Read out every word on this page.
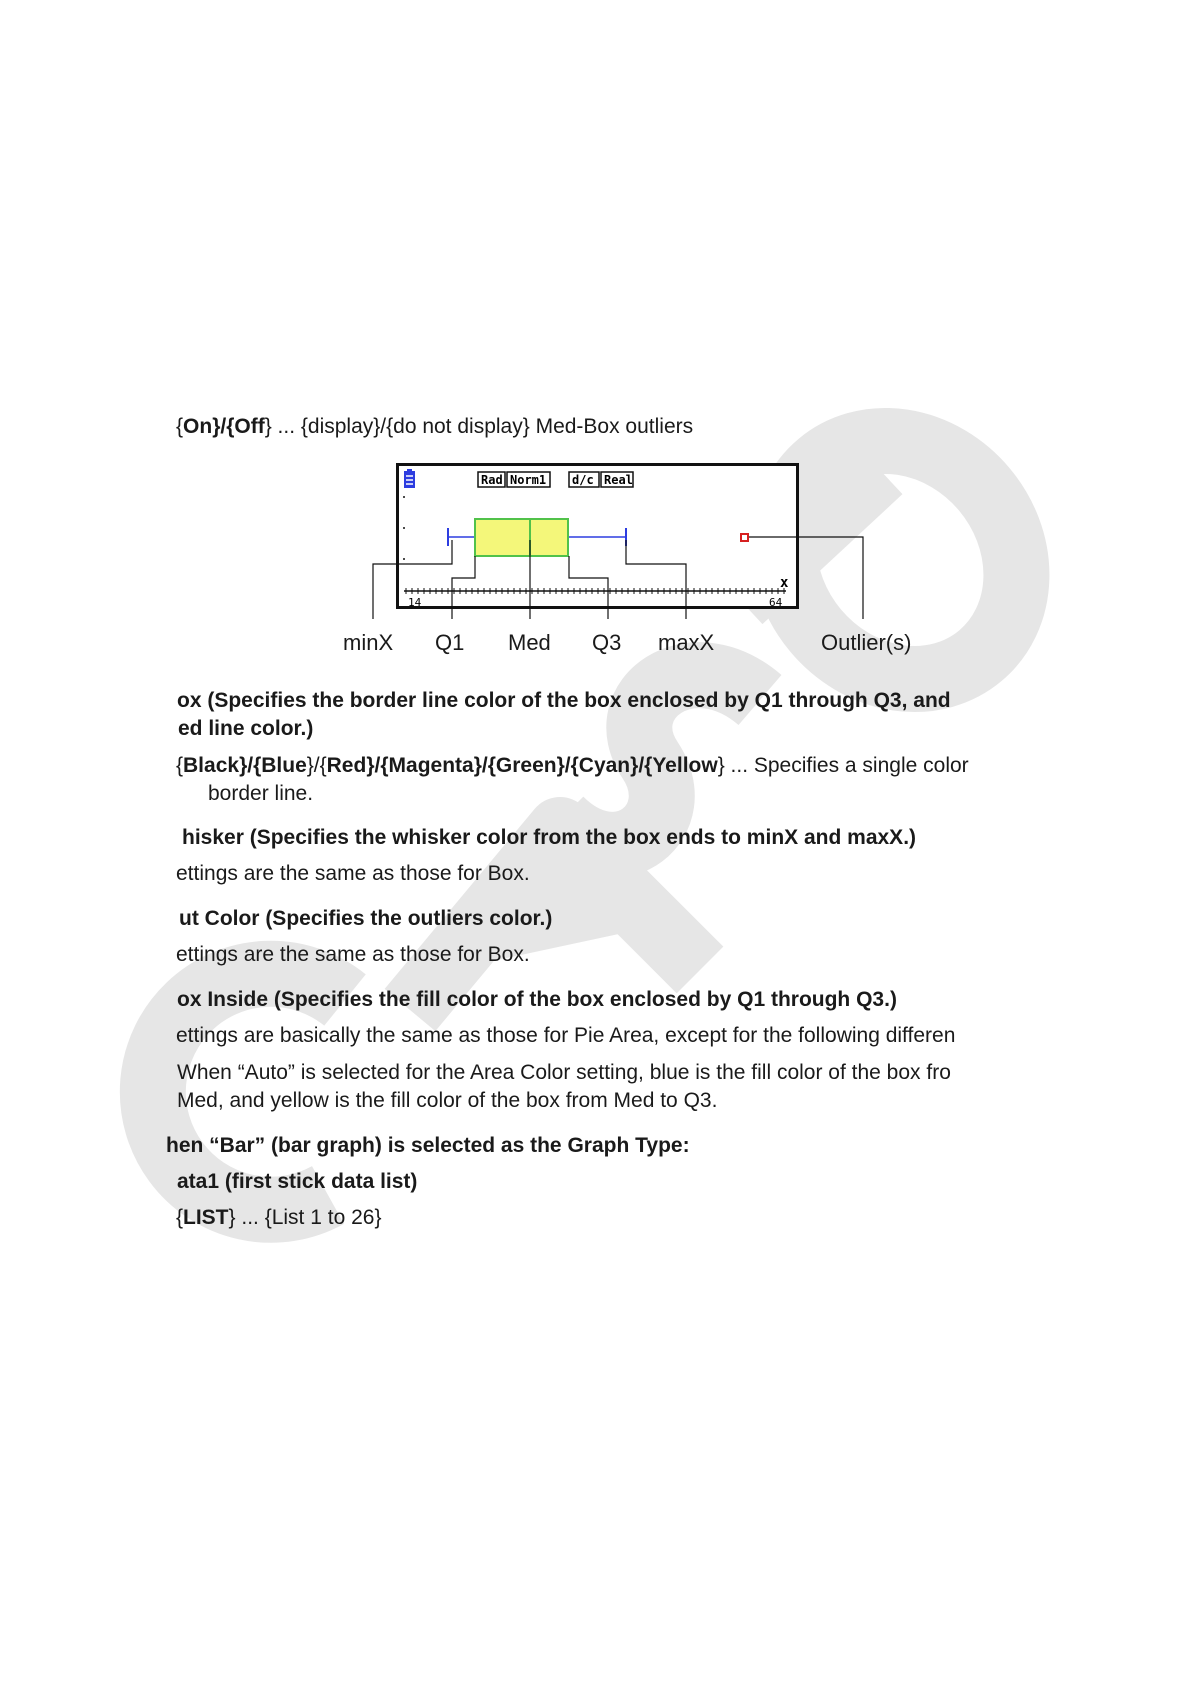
{On}/{Off} ... {display}/{do not display} Med-Box outliers
Rad Norm1 d/c Real
14	64
x
minX Q1 Med Q3 maxX	Outlier(s)
ox (Specifies the border line color of the box enclosed by Q1 through Q3, and
ed line color.)
{Black}/{Blue}/{Red}/{Magenta}/{Green}/{Cyan}/{Yellow} ... Specifies a single color
border line.
hisker (Specifies the whisker color from the box ends to minX and maxX.)
ettings are the same as those for Box.
ut Color (Specifies the outliers color.)
ettings are the same as those for Box.
ox Inside (Specifies the fill color of the box enclosed by Q1 through Q3.)
ettings are basically the same as those for Pie Area, except for the following differen
When “Auto” is selected for the Area Color setting, blue is the fill color of the box fro
Med, and yellow is the fill color of the box from Med to Q3.
hen “Bar” (bar graph) is selected as the Graph Type:
ata1 (first stick data list)
{LIST} ... {List 1 to 26}
